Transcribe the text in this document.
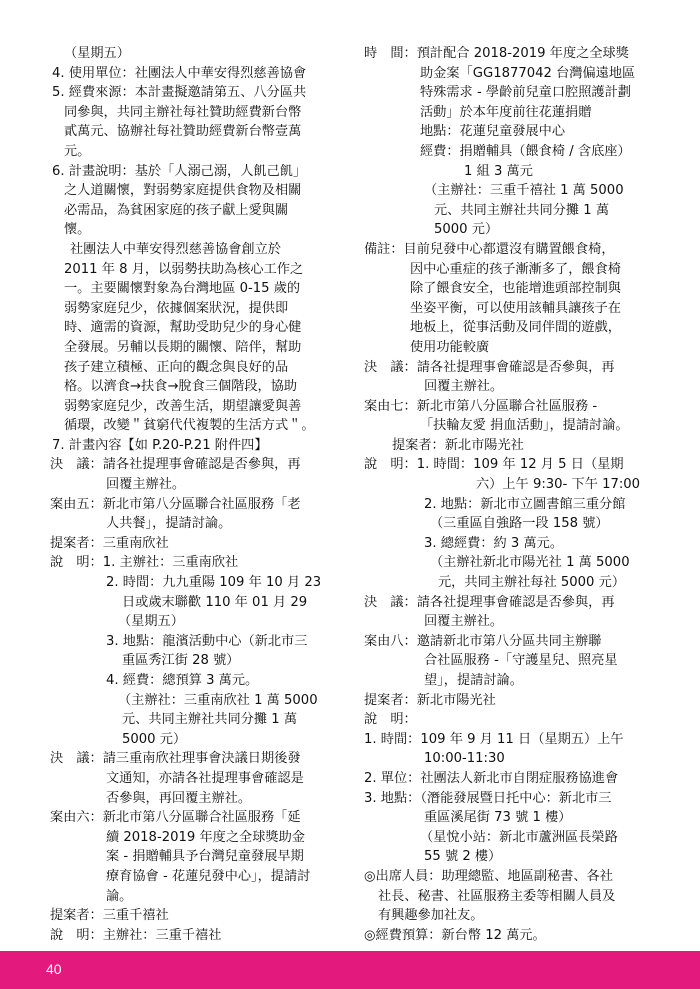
（星期五）
4. 使用單位：社團法人中華安得烈慈善協會
5. 經費來源：本計畫擬邀請第五、八分區共
同參與，共同主辦社每社贊助經費新台幣
貳萬元、協辦社每社贊助經費新台幣壹萬
元。
6. 計畫說明：基於「人溺己溺，人飢己飢」
之人道關懷，對弱勢家庭提供食物及相關
必需品，為貧困家庭的孩子獻上愛與關
懷。
社團法人中華安得烈慈善協會創立於
2011 年 8 月，以弱勢扶助為核心工作之
一。主要關懷對象為台灣地區 0-15 歲的
弱勢家庭兒少，依據個案狀況，提供即
時、適需的資源，幫助受助兒少的身心健
全發展。另輔以長期的關懷、陪伴，幫助
孩子建立積極、正向的觀念與良好的品
格。以濟食→扶食→脫食三個階段，協助
弱勢家庭兒少，改善生活，期望讓愛與善
循環，改變＂貧窮代代複製的生活方式＂。
7. 計畫內容【如 P.20-P.21 附件四】
決　議：請各社提理事會確認是否參與，再
回覆主辦社。
案由五：新北市第八分區聯合社區服務「老
人共餐」，提請討論。
提案者：三重南欣社
說　明：1. 主辦社：三重南欣社
2. 時間：九九重陽 109 年 10 月 23
日或歲末聯歡 110 年 01 月 29
（星期五）
3. 地點：龍濱活動中心（新北市三
重區秀江街 28 號）
4. 經費：總預算 3 萬元。
（主辦社：三重南欣社 1 萬 5000
元、共同主辦社共同分攤 1 萬
5000 元）
決　議：請三重南欣社理事會決議日期後發
文通知，亦請各社提理事會確認是
否參與，再回覆主辦社。
案由六：新北市第八分區聯合社區服務「延
續 2018-2019 年度之全球獎助金
案 - 捐贈輔具予台灣兒童發展早期
療育協會 - 花蓮兒發中心」，提請討
論。
提案者：三重千禧社
說　明：主辦社：三重千禧社
時　間：預計配合 2018-2019 年度之全球獎
助金案「GG1877042 台灣偏遠地區
特殊需求 - 學齡前兒童口腔照護計劃
活動」於本年度前往花蓮捐贈
地點：花蓮兒童發展中心
經費：捐贈輔具（餵食椅 / 含底座）
1 組 3 萬元
（主辦社：三重千禧社 1 萬 5000
元、共同主辦社共同分攤 1 萬
5000 元）
備註：目前兒發中心都還沒有購置餵食椅，
因中心重症的孩子漸漸多了，餵食椅
除了餵食安全，也能增進頭部控制與
坐姿平衡，可以使用該輔具讓孩子在
地板上，從事活動及同伴間的遊戲，
使用功能較廣
決　議：請各社提理事會確認是否參與，再
回覆主辦社。
案由七：新北市第八分區聯合社區服務 -
「扶輪友愛 捐血活動」，提請討論。
提案者：新北市陽光社
說　明：1. 時間：109 年 12 月 5 日（星期
六）上午 9:30- 下午 17:00
2. 地點：新北市立圖書館三重分館
（三重區自強路一段 158 號）
3. 總經費：約 3 萬元。
（主辦社新北市陽光社 1 萬 5000
元，共同主辦社每社 5000 元）
決　議：請各社提理事會確認是否參與，再
回覆主辦社。
案由八：邀請新北市第八分區共同主辦聯
合社區服務 -「守護星兒、照亮星
望」，提請討論。
提案者：新北市陽光社
說　明：
1. 時間：109 年 9 月 11 日（星期五）上午
10:00-11:30
2. 單位：社團法人新北市自閉症服務協進會
3. 地點：（潛能發展暨日托中心：新北市三
重區溪尾街 73 號 1 樓）
（星悅小站：新北市蘆洲區長榮路
55 號 2 樓）
◎出席人員：助理總監、地區副秘書、各社
社長、秘書、社區服務主委等相關人員及
有興趣參加社友。
◎經費預算：新台幣 12 萬元。
40
